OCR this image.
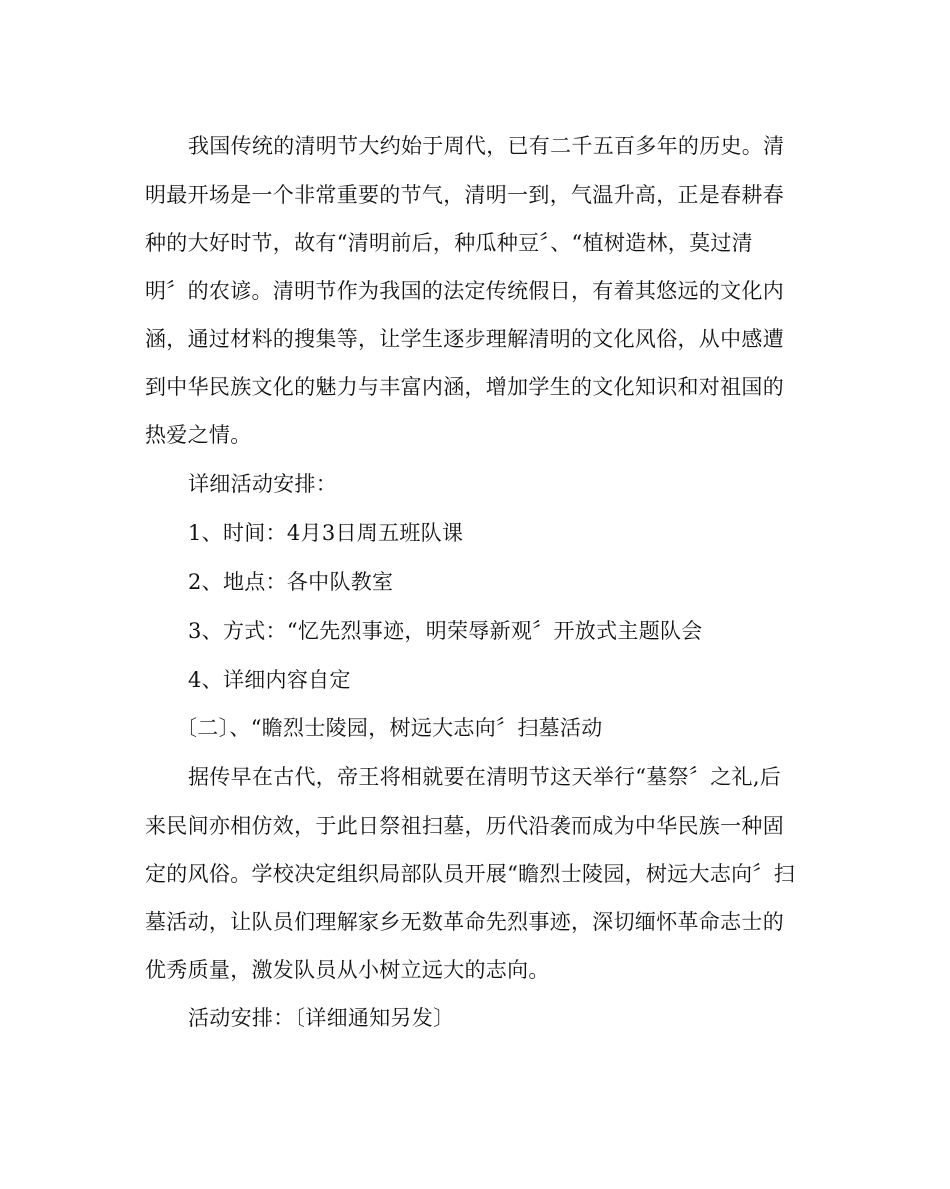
我国传统的清明节大约始于周代，已有二千五百多年的历史。清
明最开场是一个非常重要的节气，清明一到，气温升高，正是春耕春
种的大好时节，故有“清明前后，种瓜种豆〞、“植树造林，莫过清
明〞的农谚。清明节作为我国的法定传统假日，有着其悠远的文化内
涵，通过材料的搜集等，让学生逐步理解清明的文化风俗，从中感遭
到中华民族文化的魅力与丰富内涵，增加学生的文化知识和对祖国的
热爱之情。
详细活动安排：
1、时间：4月3日周五班队课
2、地点：各中队教室
3、方式：“忆先烈事迹，明荣辱新观〞开放式主题队会
4、详细内容自定
〔二〕、“瞻烈士陵园，树远大志向〞扫墓活动
据传早在古代，帝王将相就要在清明节这天举行“墓祭〞之礼,后
来民间亦相仿效，于此日祭祖扫墓，历代沿袭而成为中华民族一种固
定的风俗。学校决定组织局部队员开展“瞻烈士陵园，树远大志向〞扫
墓活动，让队员们理解家乡无数革命先烈事迹，深切缅怀革命志士的
优秀质量，激发队员从小树立远大的志向。
活动安排：〔详细通知另发〕
